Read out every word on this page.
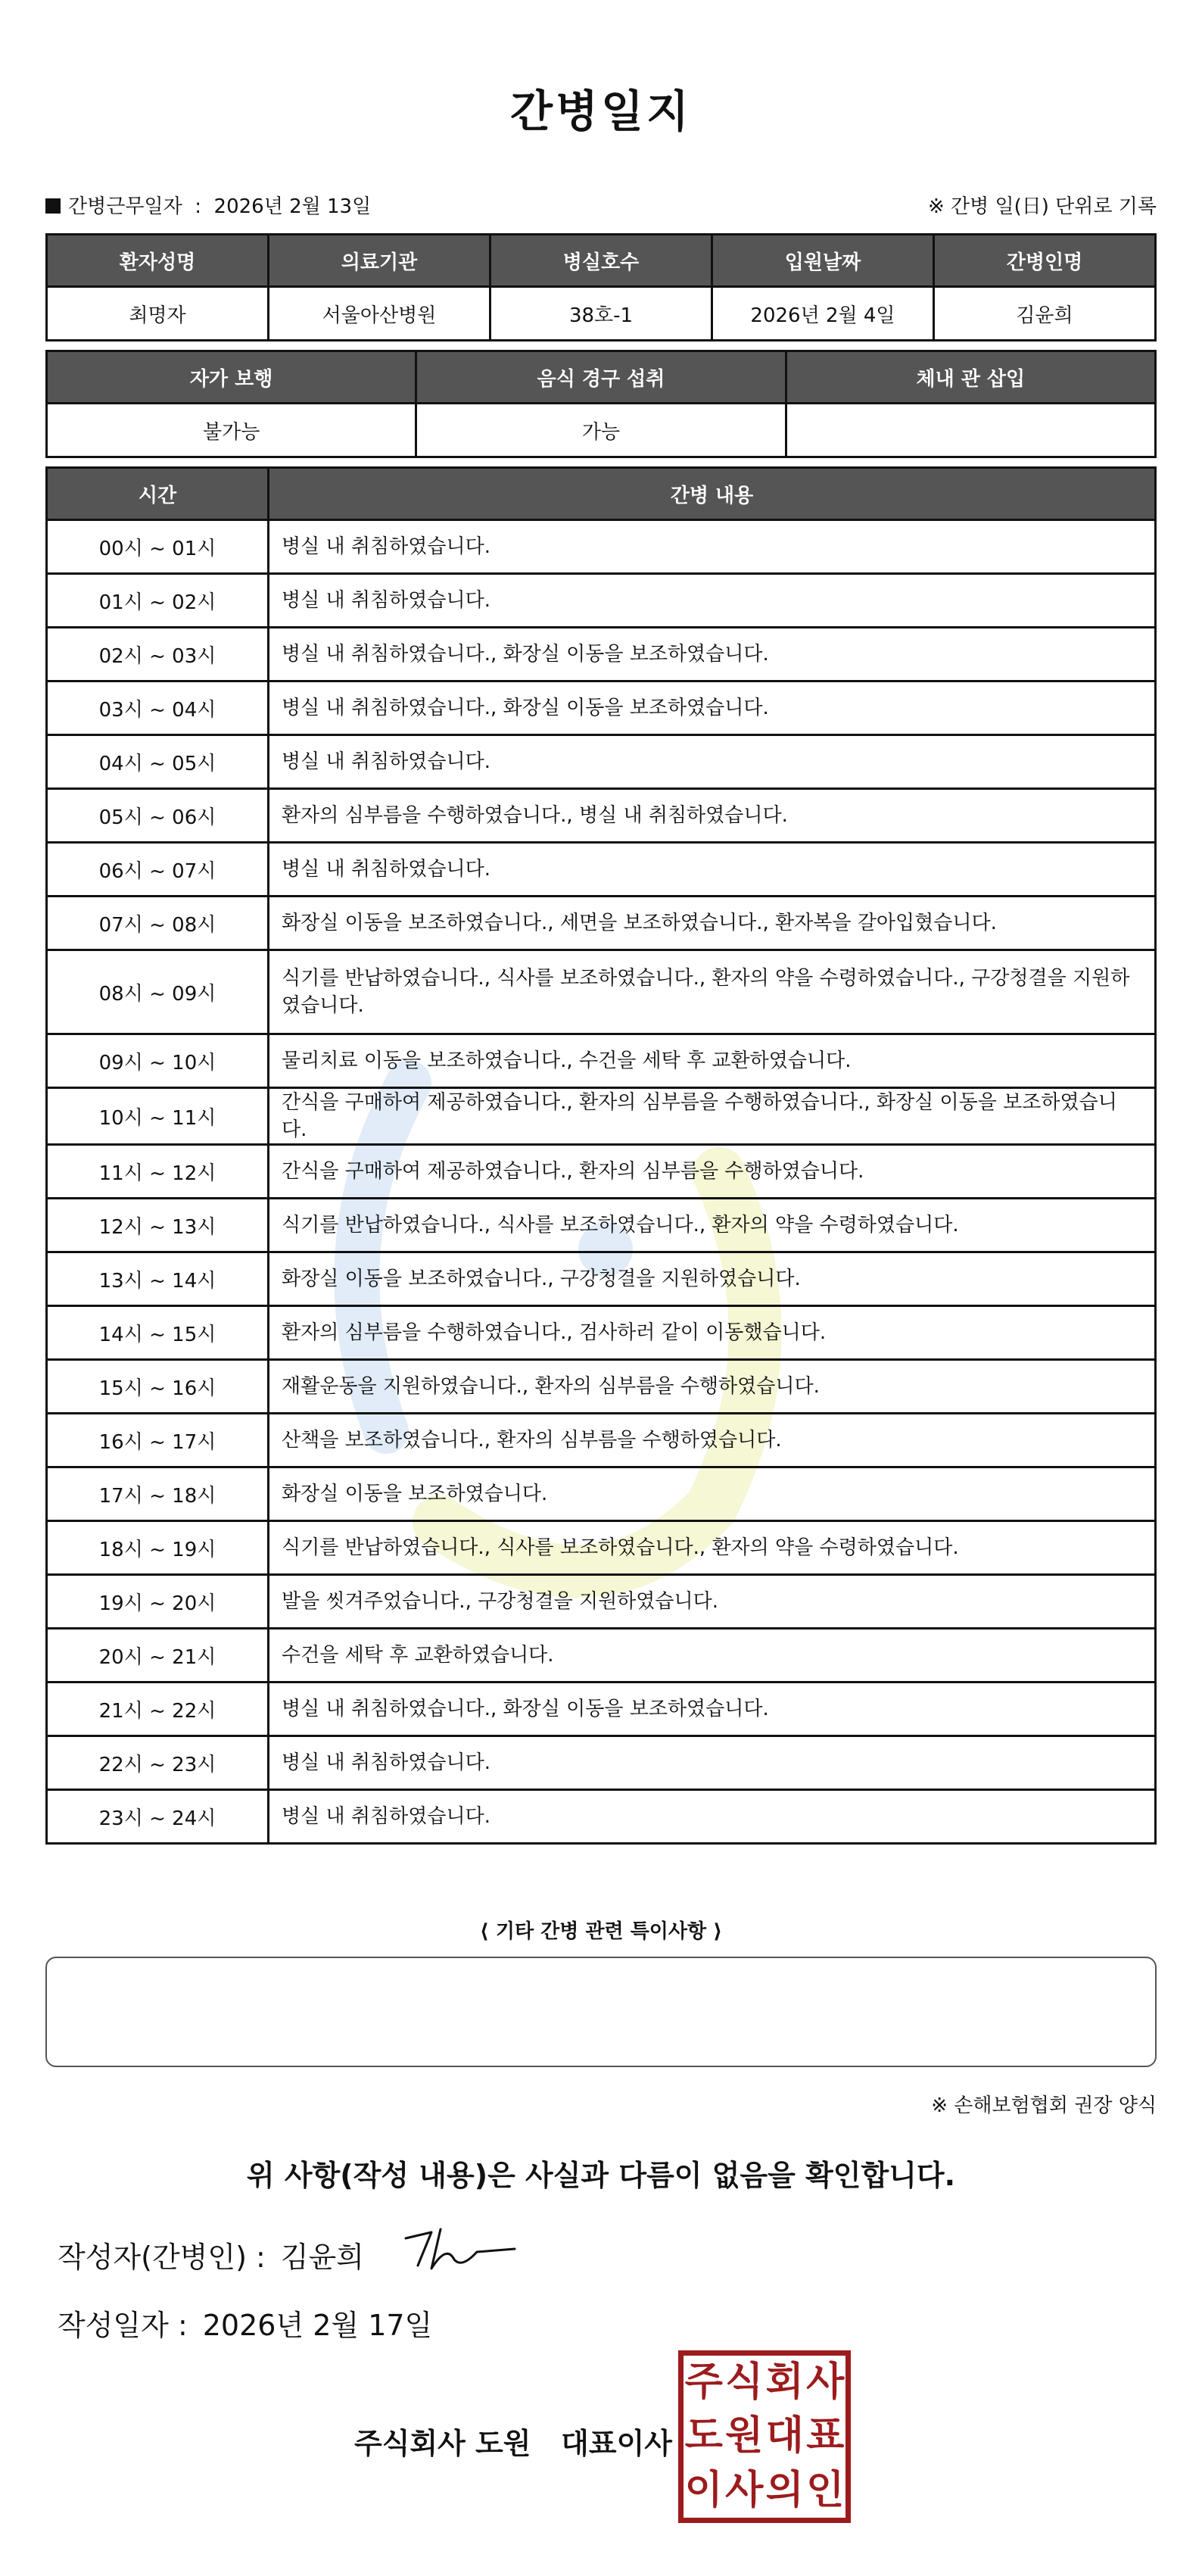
간병일지
간병근무일자 : 2026년 2월 13일	※ 간병 일(日) 단위로 기록
환자성명	의료기관	병실호수	입원날짜	간병인명
최명자	서울아산병원	38호-1	2026년 2월 4일	김윤희
자가 보행	음식 경구 섭취	체내 관 삽입
불가능	가능	
시간	간병 내용
00시 ~ 01시	병실 내 취침하였습니다.
01시 ~ 02시	병실 내 취침하였습니다.
02시 ~ 03시	병실 내 취침하였습니다., 화장실 이동을 보조하였습니다.
03시 ~ 04시	병실 내 취침하였습니다., 화장실 이동을 보조하였습니다.
04시 ~ 05시	병실 내 취침하였습니다.
05시 ~ 06시	환자의 심부름을 수행하였습니다., 병실 내 취침하였습니다.
06시 ~ 07시	병실 내 취침하였습니다.
07시 ~ 08시	화장실 이동을 보조하였습니다., 세면을 보조하였습니다., 환자복을 갈아입혔습니다.
08시 ~ 09시	식기를 반납하였습니다., 식사를 보조하였습니다., 환자의 약을 수령하였습니다., 구강청결을 지원하였습니다.
09시 ~ 10시	물리치료 이동을 보조하였습니다., 수건을 세탁 후 교환하였습니다.
10시 ~ 11시	간식을 구매하여 제공하였습니다., 환자의 심부름을 수행하였습니다., 화장실 이동을 보조하였습니다.
11시 ~ 12시	간식을 구매하여 제공하였습니다., 환자의 심부름을 수행하였습니다.
12시 ~ 13시	식기를 반납하였습니다., 식사를 보조하였습니다., 환자의 약을 수령하였습니다.
13시 ~ 14시	화장실 이동을 보조하였습니다., 구강청결을 지원하였습니다.
14시 ~ 15시	환자의 심부름을 수행하였습니다., 검사하러 같이 이동했습니다.
15시 ~ 16시	재활운동을 지원하였습니다., 환자의 심부름을 수행하였습니다.
16시 ~ 17시	산책을 보조하였습니다., 환자의 심부름을 수행하였습니다.
17시 ~ 18시	화장실 이동을 보조하였습니다.
18시 ~ 19시	식기를 반납하였습니다., 식사를 보조하였습니다., 환자의 약을 수령하였습니다.
19시 ~ 20시	발을 씻겨주었습니다., 구강청결을 지원하였습니다.
20시 ~ 21시	수건을 세탁 후 교환하였습니다.
21시 ~ 22시	병실 내 취침하였습니다., 화장실 이동을 보조하였습니다.
22시 ~ 23시	병실 내 취침하였습니다.
23시 ~ 24시	병실 내 취침하였습니다.
⟨ 기타 간병 관련 특이사항 ⟩
※ 손해보험협회 권장 양식
위 사항(작성 내용)은 사실과 다름이 없음을 확인합니다.
작성자(간병인) : 김윤희
작성일자 : 2026년 2월 17일
주식회사 도원   대표이사
주 식 회 사
도 원 대 표
이 사 의 인
